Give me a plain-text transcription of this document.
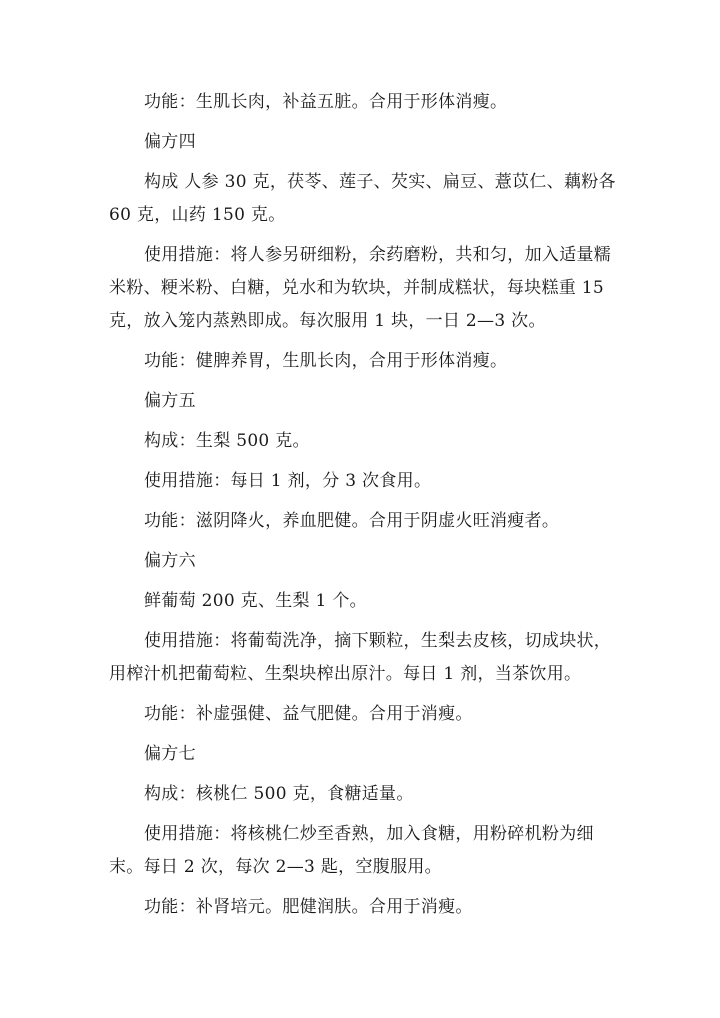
功能：生肌长肉，补益五脏。合用于形体消瘦。

偏方四

构成 人参 30 克，茯苓、莲子、芡实、扁豆、薏苡仁、藕粉各 60 克，山药 150 克。

使用措施：将人参另研细粉，余药磨粉，共和匀，加入适量糯米粉、粳米粉、白糖，兑水和为软块，并制成糕状，每块糕重 15 克，放入笼内蒸熟即成。每次服用 1 块，一日 2—3 次。

功能：健脾养胃，生肌长肉，合用于形体消瘦。

偏方五

构成：生梨 500 克。

使用措施：每日 1 剂，分 3 次食用。

功能：滋阴降火，养血肥健。合用于阴虚火旺消瘦者。

偏方六

鲜葡萄 200 克、生梨 1 个。

使用措施：将葡萄洗净，摘下颗粒，生梨去皮核，切成块状，用榨汁机把葡萄粒、生梨块榨出原汁。每日 1 剂，当茶饮用。

功能：补虚强健、益气肥健。合用于消瘦。

偏方七

构成：核桃仁 500 克，食糖适量。

使用措施：将核桃仁炒至香熟，加入食糖，用粉碎机粉为细末。每日 2 次，每次 2—3 匙，空腹服用。

功能：补肾培元。肥健润肤。合用于消瘦。
